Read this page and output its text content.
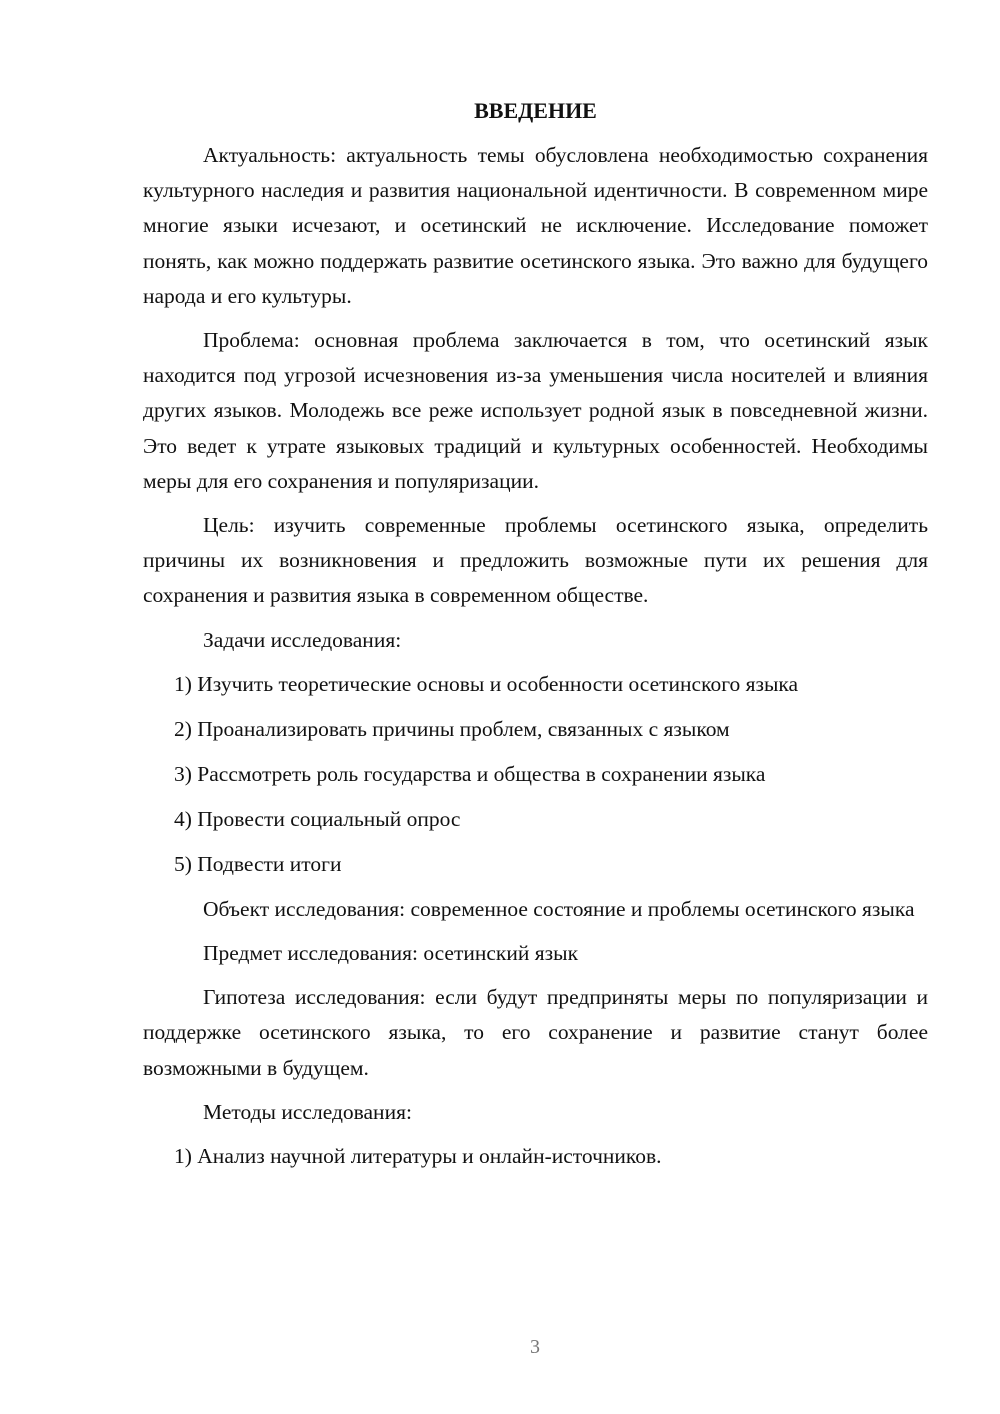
ВВЕДЕНИЕ

Актуальность: актуальность темы обусловлена необходимостью сохранения культурного наследия и развития национальной идентичности. В современном мире многие языки исчезают, и осетинский не исключение. Исследование поможет понять, как можно поддержать развитие осетинского языка. Это важно для будущего народа и его культуры.

Проблема: основная проблема заключается в том, что осетинский язык находится под угрозой исчезновения из-за уменьшения числа носителей и влияния других языков. Молодежь все реже использует родной язык в повседневной жизни. Это ведет к утрате языковых традиций и культурных особенностей. Необходимы меры для его сохранения и популяризации.

Цель: изучить современные проблемы осетинского языка, определить причины их возникновения и предложить возможные пути их решения для сохранения и развития языка в современном обществе.

Задачи исследования:

1) Изучить теоретические основы и особенности осетинского языка
2) Проанализировать причины проблем, связанных с языком
3) Рассмотреть роль государства и общества в сохранении языка
4) Провести социальный опрос
5) Подвести итоги

Объект исследования: современное состояние и проблемы осетинского языка

Предмет исследования: осетинский язык

Гипотеза исследования: если будут предприняты меры по популяризации и поддержке осетинского языка, то его сохранение и развитие станут более возможными в будущем.

Методы исследования:

1) Анализ научной литературы и онлайн-источников.
3
